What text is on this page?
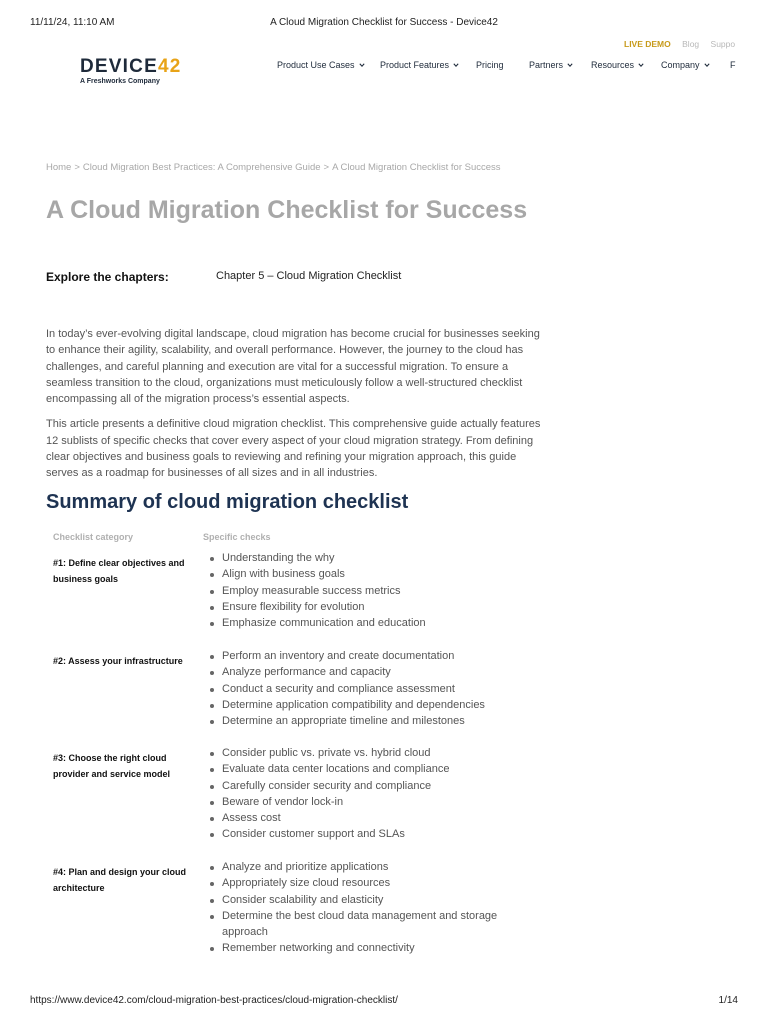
11/11/24, 11:10 AM	A Cloud Migration Checklist for Success - Device42
LIVE DEMO Blog Suppo
DEVICE42
A Freshworks Company
Product Use Cases	Product Features	Pricing	Partners	Resources	Company	F
Home > Cloud Migration Best Practices: A Comprehensive Guide > A Cloud Migration Checklist for Success
A Cloud Migration Checklist for Success
Explore the chapters:	Chapter 5 – Cloud Migration Checklist

In today’s ever-evolving digital landscape, cloud migration has become crucial for businesses seeking to enhance their agility, scalability, and overall performance. However, the journey to the cloud has challenges, and careful planning and execution are vital for a successful migration. To ensure a seamless transition to the cloud, organizations must meticulously follow a well-structured checklist encompassing all of the migration process’s essential aspects.

This article presents a definitive cloud migration checklist. This comprehensive guide actually features 12 sublists of specific checks that cover every aspect of your cloud migration strategy. From defining clear objectives and business goals to reviewing and refining your migration approach, this guide serves as a roadmap for businesses of all sizes and in all industries.

Summary of cloud migration checklist
Checklist category	Specific checks
#1: Define clear objectives and business goals
Understanding the why
Align with business goals
Employ measurable success metrics
Ensure flexibility for evolution
Emphasize communication and education
#2: Assess your infrastructure	Perform an inventory and create documentation
Analyze performance and capacity
Conduct a security and compliance assessment
Determine application compatibility and dependencies
Determine an appropriate timeline and milestones
#3: Choose the right cloud provider and service model
Consider public vs. private vs. hybrid cloud
Evaluate data center locations and compliance
Carefully consider security and compliance
Beware of vendor lock-in
Assess cost
Consider customer support and SLAs
#4: Plan and design your cloud architecture
Analyze and prioritize applications
Appropriately size cloud resources
Consider scalability and elasticity
Determine the best cloud data management and storage approach
Remember networking and connectivity
https://www.device42.com/cloud-migration-best-practices/cloud-migration-checklist/	1/14
